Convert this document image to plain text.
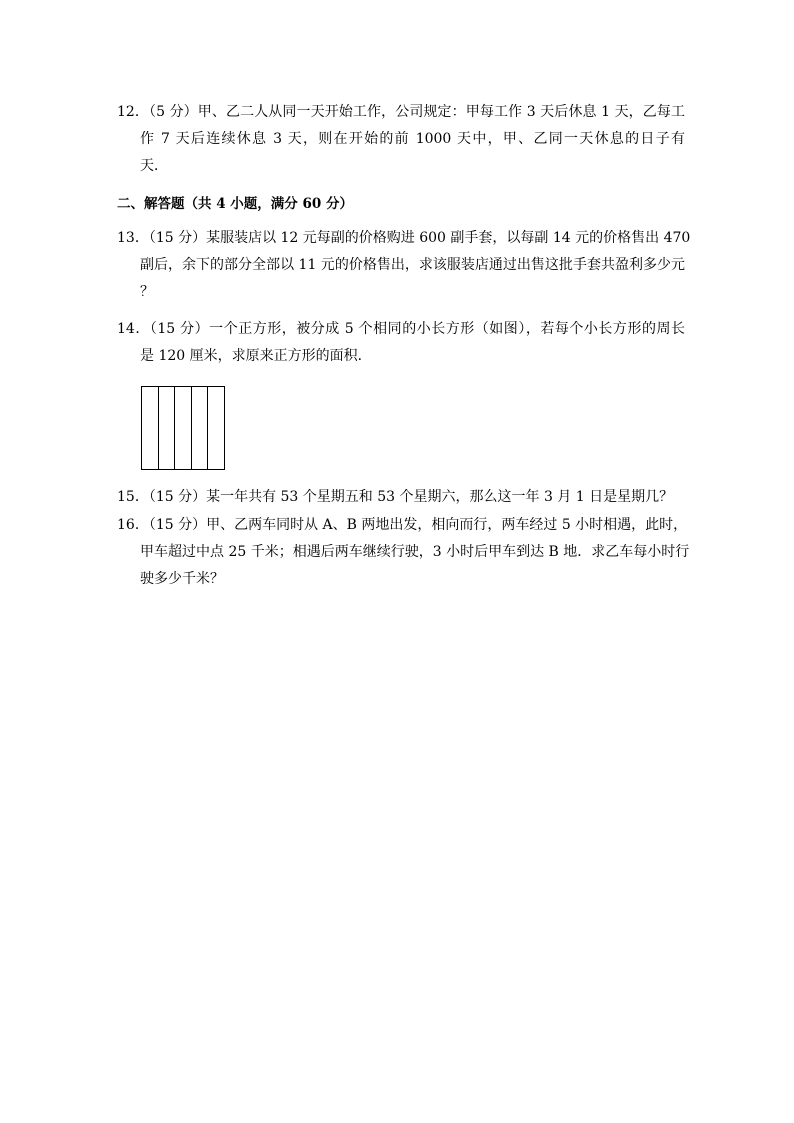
12．（5 分）甲、乙二人从同一天开始工作，公司规定：甲每工作 3 天后休息 1 天，乙每工
作 7 天后连续休息 3 天，则在开始的前 1000 天中，甲、乙同一天休息的日子有
天．
二、解答题（共 4 小题，满分 60 分）
13．（15 分）某服装店以 12 元每副的价格购进 600 副手套，以每副 14 元的价格售出 470
副后，余下的部分全部以 11 元的价格售出，求该服装店通过出售这批手套共盈利多少元
？
14．（15 分）一个正方形，被分成 5 个相同的小长方形（如图），若每个小长方形的周长
是 120 厘米，求原来正方形的面积．
15．（15 分）某一年共有 53 个星期五和 53 个星期六，那么这一年 3 月 1 日是星期几？
16．（15 分）甲、乙两车同时从 A、B 两地出发，相向而行，两车经过 5 小时相遇，此时，
甲车超过中点 25 千米；相遇后两车继续行驶，3 小时后甲车到达 B 地．求乙车每小时行
驶多少千米？
